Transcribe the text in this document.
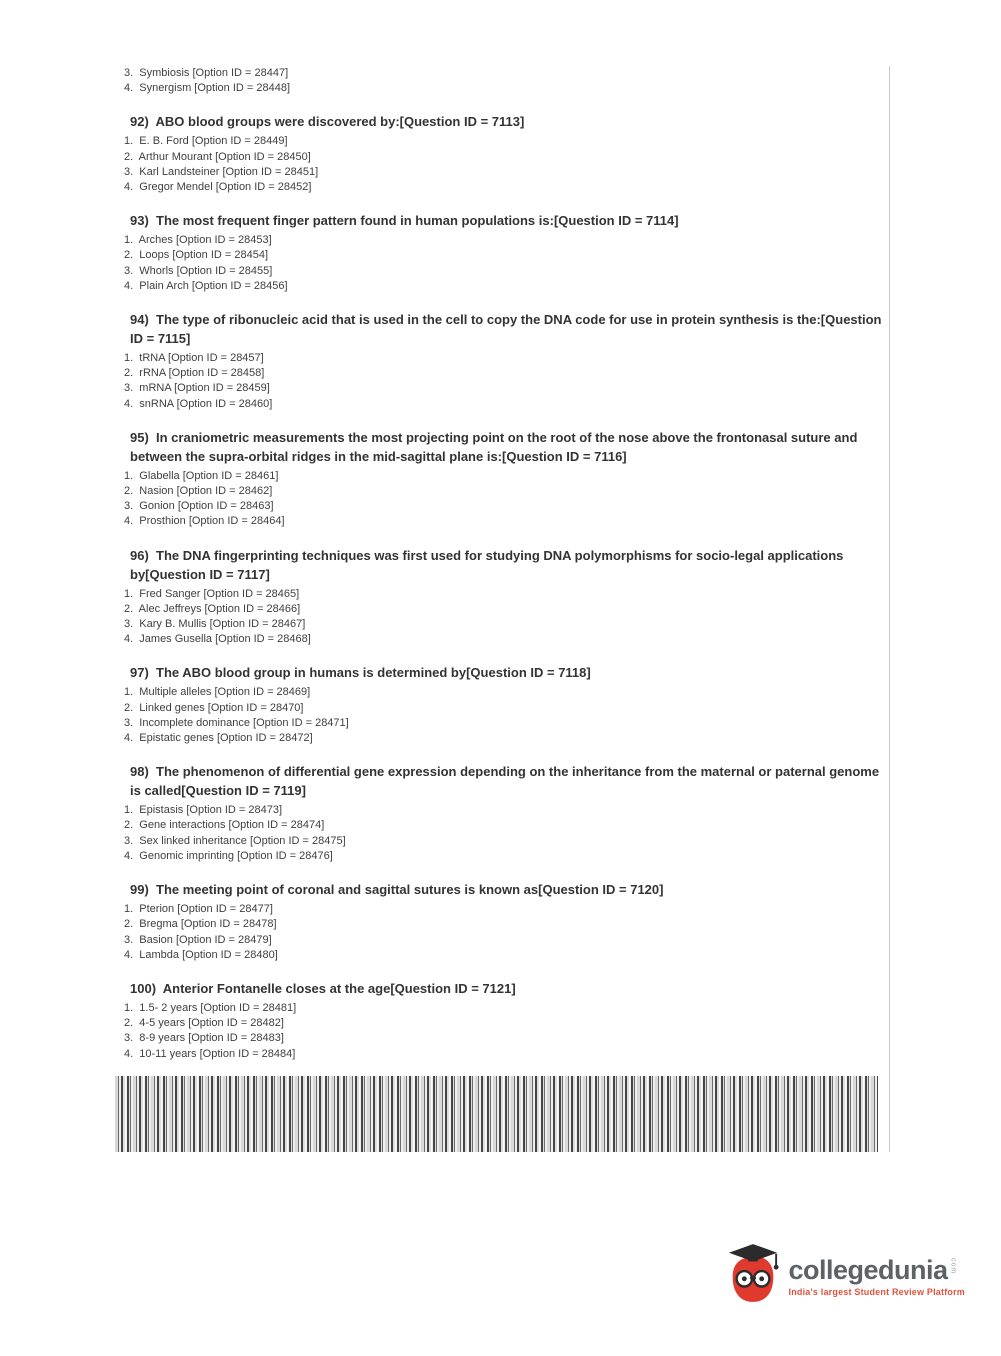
3.  Symbiosis [Option ID = 28447]
4.  Synergism [Option ID = 28448]
92)  ABO blood groups were discovered by:[Question ID = 7113]
1.  E. B. Ford [Option ID = 28449]
2.  Arthur Mourant [Option ID = 28450]
3.  Karl Landsteiner [Option ID = 28451]
4.  Gregor Mendel [Option ID = 28452]
93)  The most frequent finger pattern found in human populations is:[Question ID = 7114]
1.  Arches [Option ID = 28453]
2.  Loops [Option ID = 28454]
3.  Whorls [Option ID = 28455]
4.  Plain Arch [Option ID = 28456]
94)  The type of ribonucleic acid that is used in the cell to copy the DNA code for use in protein synthesis is the:[Question ID = 7115]
1.  tRNA [Option ID = 28457]
2.  rRNA [Option ID = 28458]
3.  mRNA [Option ID = 28459]
4.  snRNA [Option ID = 28460]
95)  In craniometric measurements the most projecting point on the root of the nose above the frontonasal suture and between the supra-orbital ridges in the mid-sagittal plane is:[Question ID = 7116]
1.  Glabella [Option ID = 28461]
2.  Nasion [Option ID = 28462]
3.  Gonion [Option ID = 28463]
4.  Prosthion [Option ID = 28464]
96)  The DNA fingerprinting techniques was first used for studying DNA polymorphisms for socio-legal applications by[Question ID = 7117]
1.  Fred Sanger [Option ID = 28465]
2.  Alec Jeffreys [Option ID = 28466]
3.  Kary B. Mullis [Option ID = 28467]
4.  James Gusella [Option ID = 28468]
97)  The ABO blood group in humans is determined by[Question ID = 7118]
1.  Multiple alleles [Option ID = 28469]
2.  Linked genes [Option ID = 28470]
3.  Incomplete dominance [Option ID = 28471]
4.  Epistatic genes [Option ID = 28472]
98)  The phenomenon of differential gene expression depending on the inheritance from the maternal or paternal genome is called[Question ID = 7119]
1.  Epistasis [Option ID = 28473]
2.  Gene interactions [Option ID = 28474]
3.  Sex linked inheritance [Option ID = 28475]
4.  Genomic imprinting [Option ID = 28476]
99)  The meeting point of coronal and sagittal sutures is known as[Question ID = 7120]
1.  Pterion [Option ID = 28477]
2.  Bregma [Option ID = 28478]
3.  Basion [Option ID = 28479]
4.  Lambda [Option ID = 28480]
100)  Anterior Fontanelle closes at the age[Question ID = 7121]
1.  1.5- 2 years [Option ID = 28481]
2.  4-5 years [Option ID = 28482]
3.  8-9 years [Option ID = 28483]
4.  10-11 years [Option ID = 28484]
collegedunia com
India's largest Student Review Platform
